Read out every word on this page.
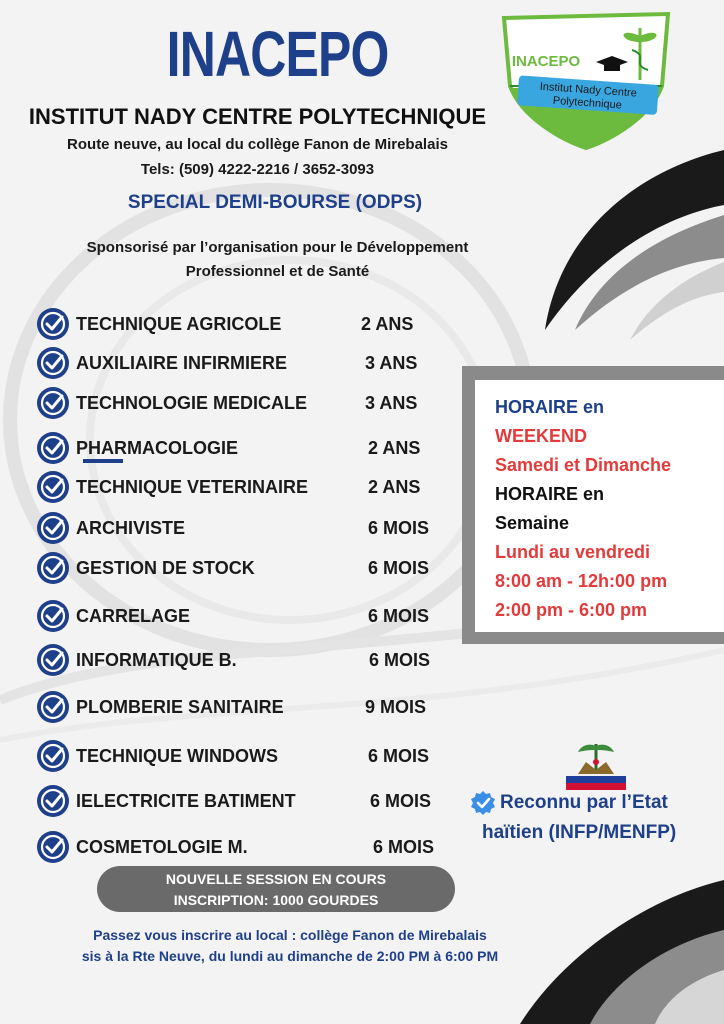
Institut Nady Centre
Polytechnique
INACEPO
INACEPO
INSTITUT NADY CENTRE POLYTECHNIQUE
Route neuve, au local du collège Fanon de Mirebalais
Tels: (509) 4222-2216 / 3652-3093
SPECIAL DEMI-BOURSE (ODPS)
Sponsorisé par l’organisation pour le Développement
Professionnel et de Santé
TECHNIQUE AGRICOLE	2 ANS
AUXILIAIRE INFIRMIERE	3 ANS
TECHNOLOGIE MEDICALE	3 ANS
PHARMACOLOGIE	2 ANS
TECHNIQUE VETERINAIRE	2 ANS
ARCHIVISTE	6 MOIS
GESTION DE STOCK	6 MOIS
CARRELAGE	6 MOIS
INFORMATIQUE B.	6 MOIS
PLOMBERIE SANITAIRE	9 MOIS
TECHNIQUE WINDOWS	6 MOIS
IELECTRICITE BATIMENT	6 MOIS
COSMETOLOGIE M.	6 MOIS
HORAIRE en
WEEKEND
Samedi et Dimanche
HORAIRE en
Semaine
Lundi au vendredi
8:00 am - 12h:00 pm
2:00 pm - 6:00 pm
Reconnu par l’Etat
haïtien (INFP/MENFP)
NOUVELLE SESSION EN COURS
INSCRIPTION: 1000 GOURDES
Passez vous inscrire au local : collège Fanon de Mirebalais
sis à la Rte Neuve, du lundi au dimanche de 2:00 PM à 6:00 PM
